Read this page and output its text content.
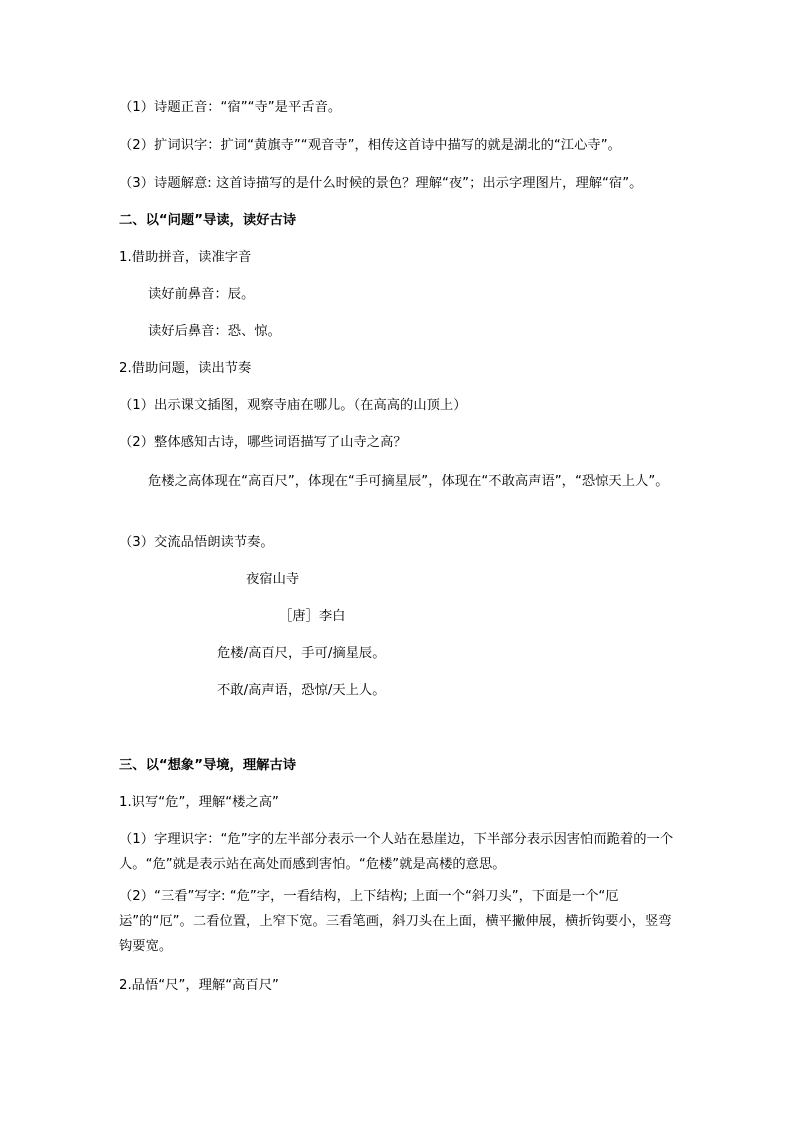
（1）诗题正音：“宿”“寺”是平舌音。
（2）扩词识字：扩词“黄旗寺”“观音寺”，相传这首诗中描写的就是湖北的“江心寺”。
（3）诗题解意: 这首诗描写的是什么时候的景色？理解“夜”；出示字理图片，理解“宿”。
二、以“问题”导读，读好古诗
1.借助拼音，读准字音
读好前鼻音：辰。
读好后鼻音：恐、惊。
2.借助问题，读出节奏
（1）出示课文插图，观察寺庙在哪儿。（在高高的山顶上）
（2）整体感知古诗，哪些词语描写了山寺之高？
危楼之高体现在“高百尺”，体现在“手可摘星辰”，体现在“不敢高声语”，“恐惊天上人”。
（3）交流品悟朗读节奏。
夜宿山寺
［唐］李白
危楼/高百尺，手可/摘星辰。
不敢/高声语，恐惊/天上人。
三、以“想象”导境，理解古诗
1.识写“危”，理解“楼之高”
（1）字理识字：“危”字的左半部分表示一个人站在悬崖边，下半部分表示因害怕而跪着的一个人。“危”就是表示站在高处而感到害怕。“危楼”就是高楼的意思。
（2）“三看”写字: “危”字，一看结构，上下结构; 上面一个“斜刀头”，下面是一个“厄运”的“厄”。二看位置，上窄下宽。三看笔画，斜刀头在上面，横平撇伸展，横折钩要小，竖弯钩要宽。
2.品悟“尺”，理解“高百尺”
